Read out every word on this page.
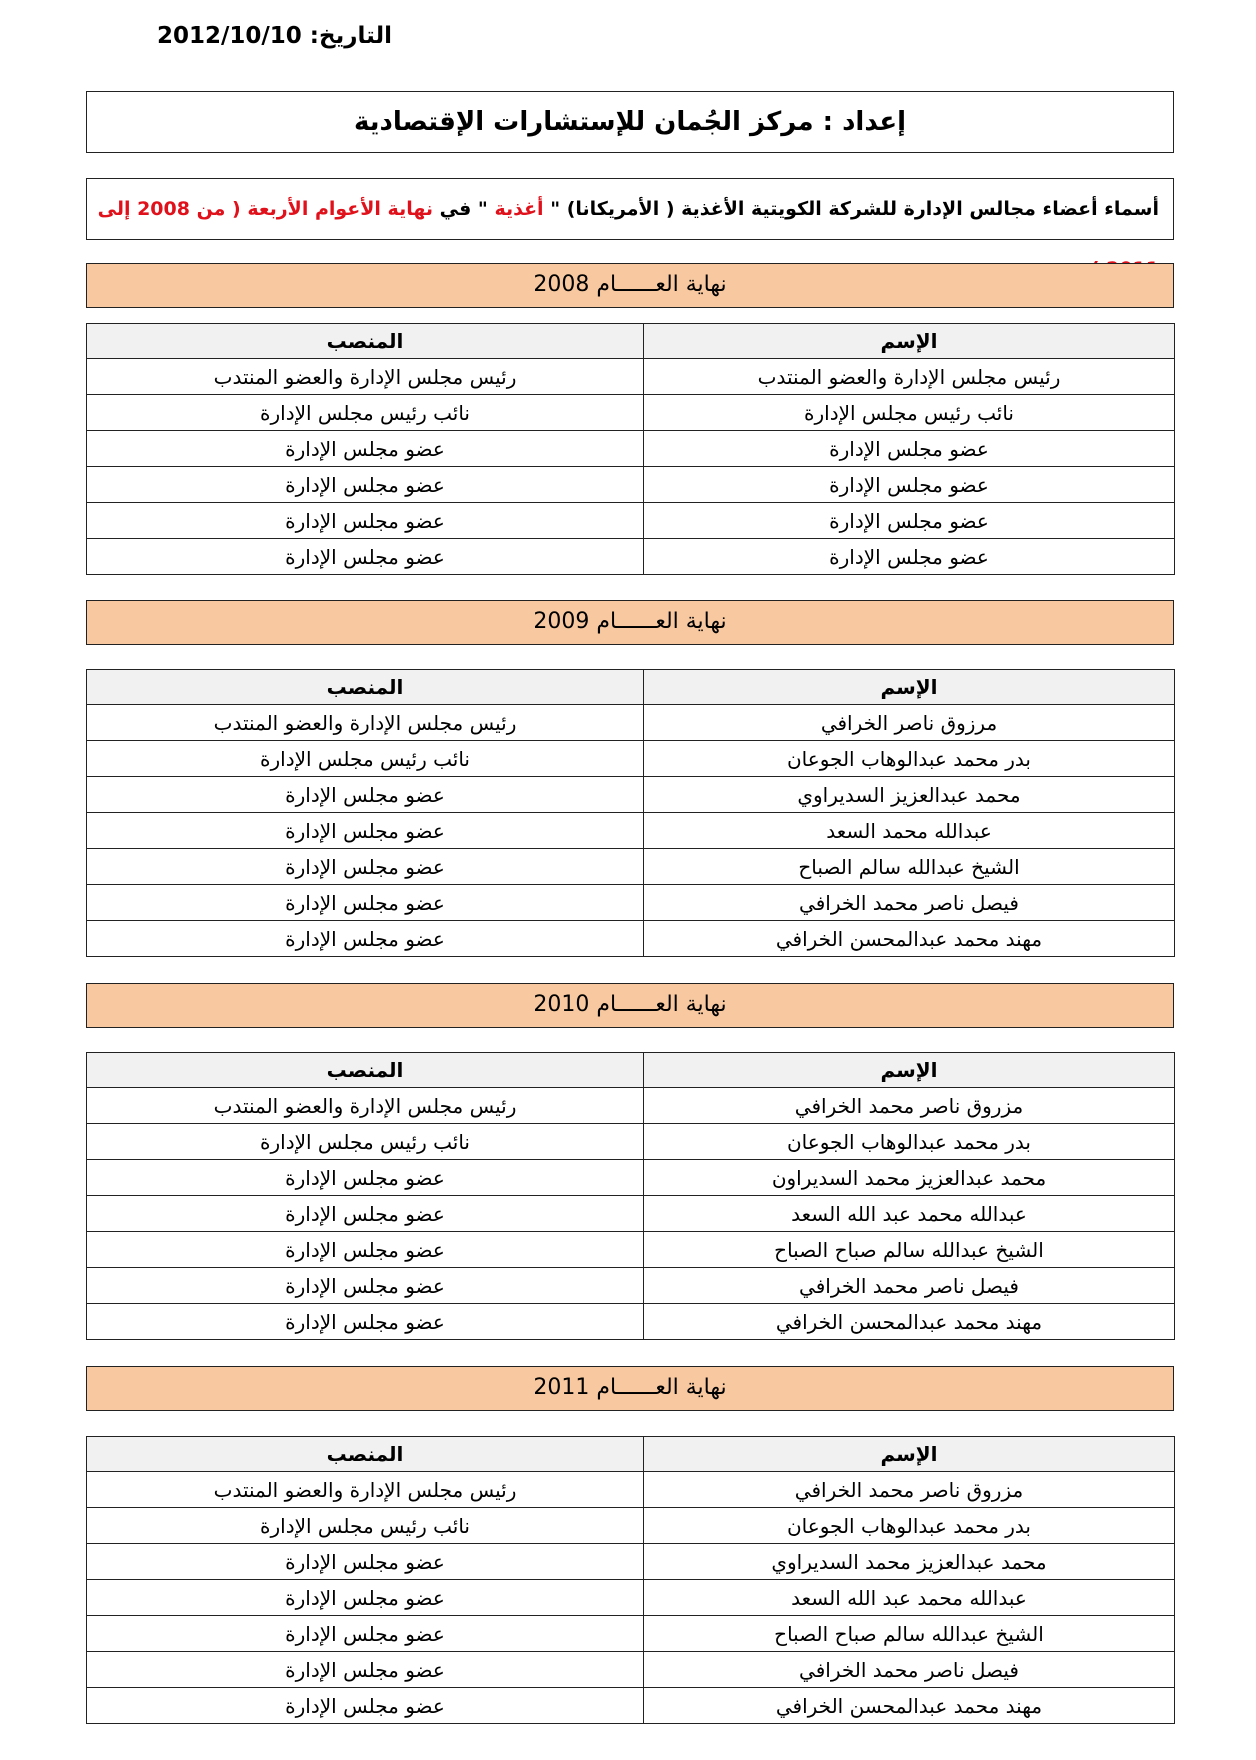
التاريخ: 2012/10/10
إعداد : مركز الجُمان للإستشارات الإقتصادية
أسماء أعضاء مجالس الإدارة للشركة الكويتية الأغذية ( الأمريكانا) " أغذية " في نهاية الأعوام الأربعة ( من 2008 إلى
نهاية العــــــام 2008
الإسم	المنصب
رئيس مجلس الإدارة والعضو المنتدب	رئيس مجلس الإدارة والعضو المنتدب
نائب رئيس مجلس الإدارة	نائب رئيس مجلس الإدارة
عضو مجلس الإدارة	عضو مجلس الإدارة
عضو مجلس الإدارة	عضو مجلس الإدارة
عضو مجلس الإدارة	عضو مجلس الإدارة
عضو مجلس الإدارة	عضو مجلس الإدارة
نهاية العــــــام 2009
الإسم	المنصب
مرزوق ناصر الخرافي	رئيس مجلس الإدارة والعضو المنتدب
بدر محمد عبدالوهاب الجوعان	نائب رئيس مجلس الإدارة
محمد عبدالعزيز السديراوي	عضو مجلس الإدارة
عبدالله محمد السعد	عضو مجلس الإدارة
الشيخ عبدالله سالم الصباح	عضو مجلس الإدارة
فيصل ناصر محمد الخرافي	عضو مجلس الإدارة
مهند محمد عبدالمحسن الخرافي	عضو مجلس الإدارة
نهاية العــــــام 2010
الإسم	المنصب
مزروق ناصر محمد الخرافي	رئيس مجلس الإدارة والعضو المنتدب
بدر محمد عبدالوهاب الجوعان	نائب رئيس مجلس الإدارة
محمد عبدالعزيز محمد السديراون	عضو مجلس الإدارة
عبدالله محمد عبد الله السعد	عضو مجلس الإدارة
الشيخ عبدالله سالم صباح الصباح	عضو مجلس الإدارة
فيصل ناصر محمد الخرافي	عضو مجلس الإدارة
مهند محمد عبدالمحسن الخرافي	عضو مجلس الإدارة
نهاية العــــــام 2011
الإسم	المنصب
مزروق ناصر محمد الخرافي	رئيس مجلس الإدارة والعضو المنتدب
بدر محمد عبدالوهاب الجوعان	نائب رئيس مجلس الإدارة
محمد عبدالعزيز محمد السديراوي	عضو مجلس الإدارة
عبدالله محمد عبد الله السعد	عضو مجلس الإدارة
الشيخ عبدالله سالم صباح الصباح	عضو مجلس الإدارة
فيصل ناصر محمد الخرافي	عضو مجلس الإدارة
مهند محمد عبدالمحسن الخرافي	عضو مجلس الإدارة
